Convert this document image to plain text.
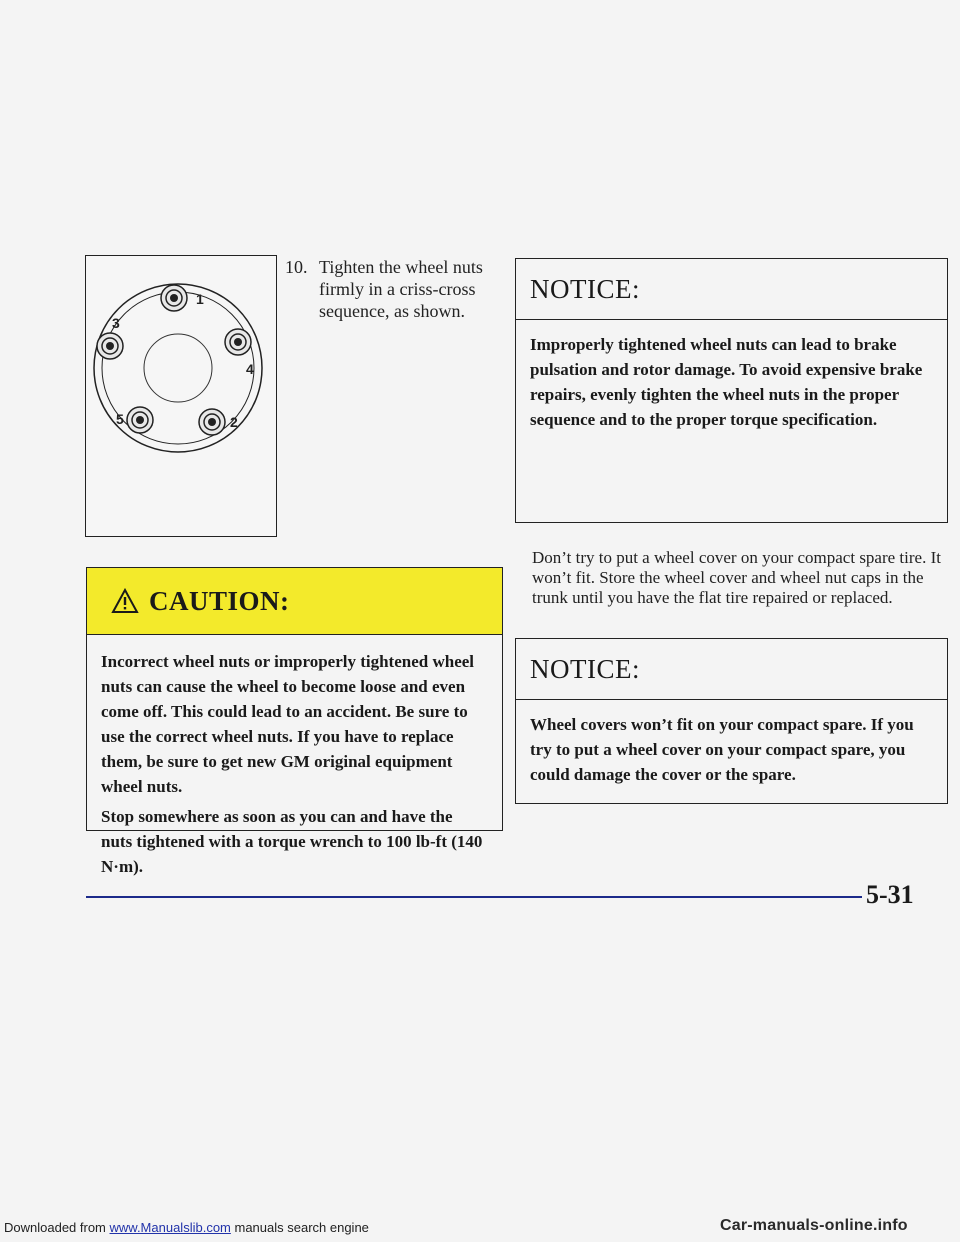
1
3
4
5	2
10. Tighten the wheel nuts firmly in a criss-cross sequence, as shown.
CAUTION:

Incorrect wheel nuts or improperly tightened wheel nuts can cause the wheel to become loose and even come off. This could lead to an accident. Be sure to use the correct wheel nuts. If you have to replace them, be sure to get new GM original equipment wheel nuts.

Stop somewhere as soon as you can and have the nuts tightened with a torque wrench to 100 lb-ft (140 N·m).

NOTICE:
Improperly tightened wheel nuts can lead to brake pulsation and rotor damage. To avoid expensive brake repairs, evenly tighten the wheel nuts in the proper sequence and to the proper torque specification.
Don’t try to put a wheel cover on your compact spare tire. It won’t fit. Store the wheel cover and wheel nut caps in the trunk until you have the flat tire repaired or replaced.
NOTICE:
Wheel covers won’t fit on your compact spare. If you try to put a wheel cover on your compact spare, you could damage the cover or the spare.
5-31
Downloaded from www.Manualslib.com manuals search engine	Car-manuals-online.info
